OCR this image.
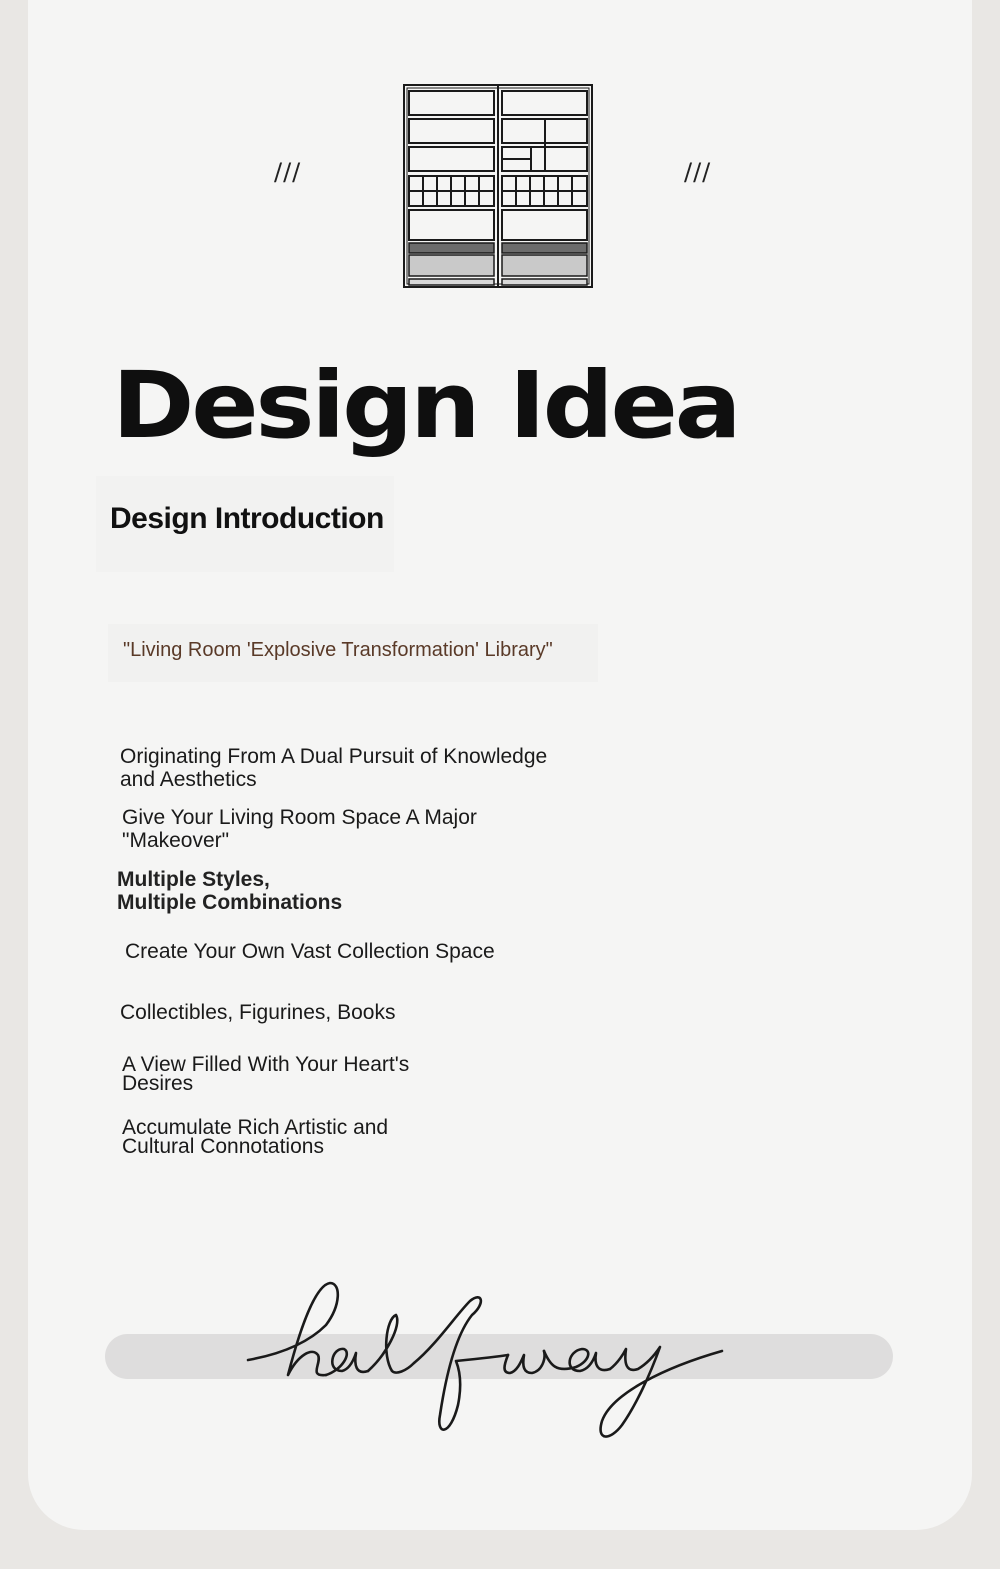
///	///
Design Idea
Design Introduction
"Living Room 'Explosive Transformation' Library"
Originating From A Dual Pursuit of Knowledge
and Aesthetics
Give Your Living Room Space A Major
"Makeover"
Multiple Styles,
Multiple Combinations
Create Your Own Vast Collection Space
Collectibles, Figurines, Books
A View Filled With Your Heart's
Desires
Accumulate Rich Artistic and
Cultural Connotations
